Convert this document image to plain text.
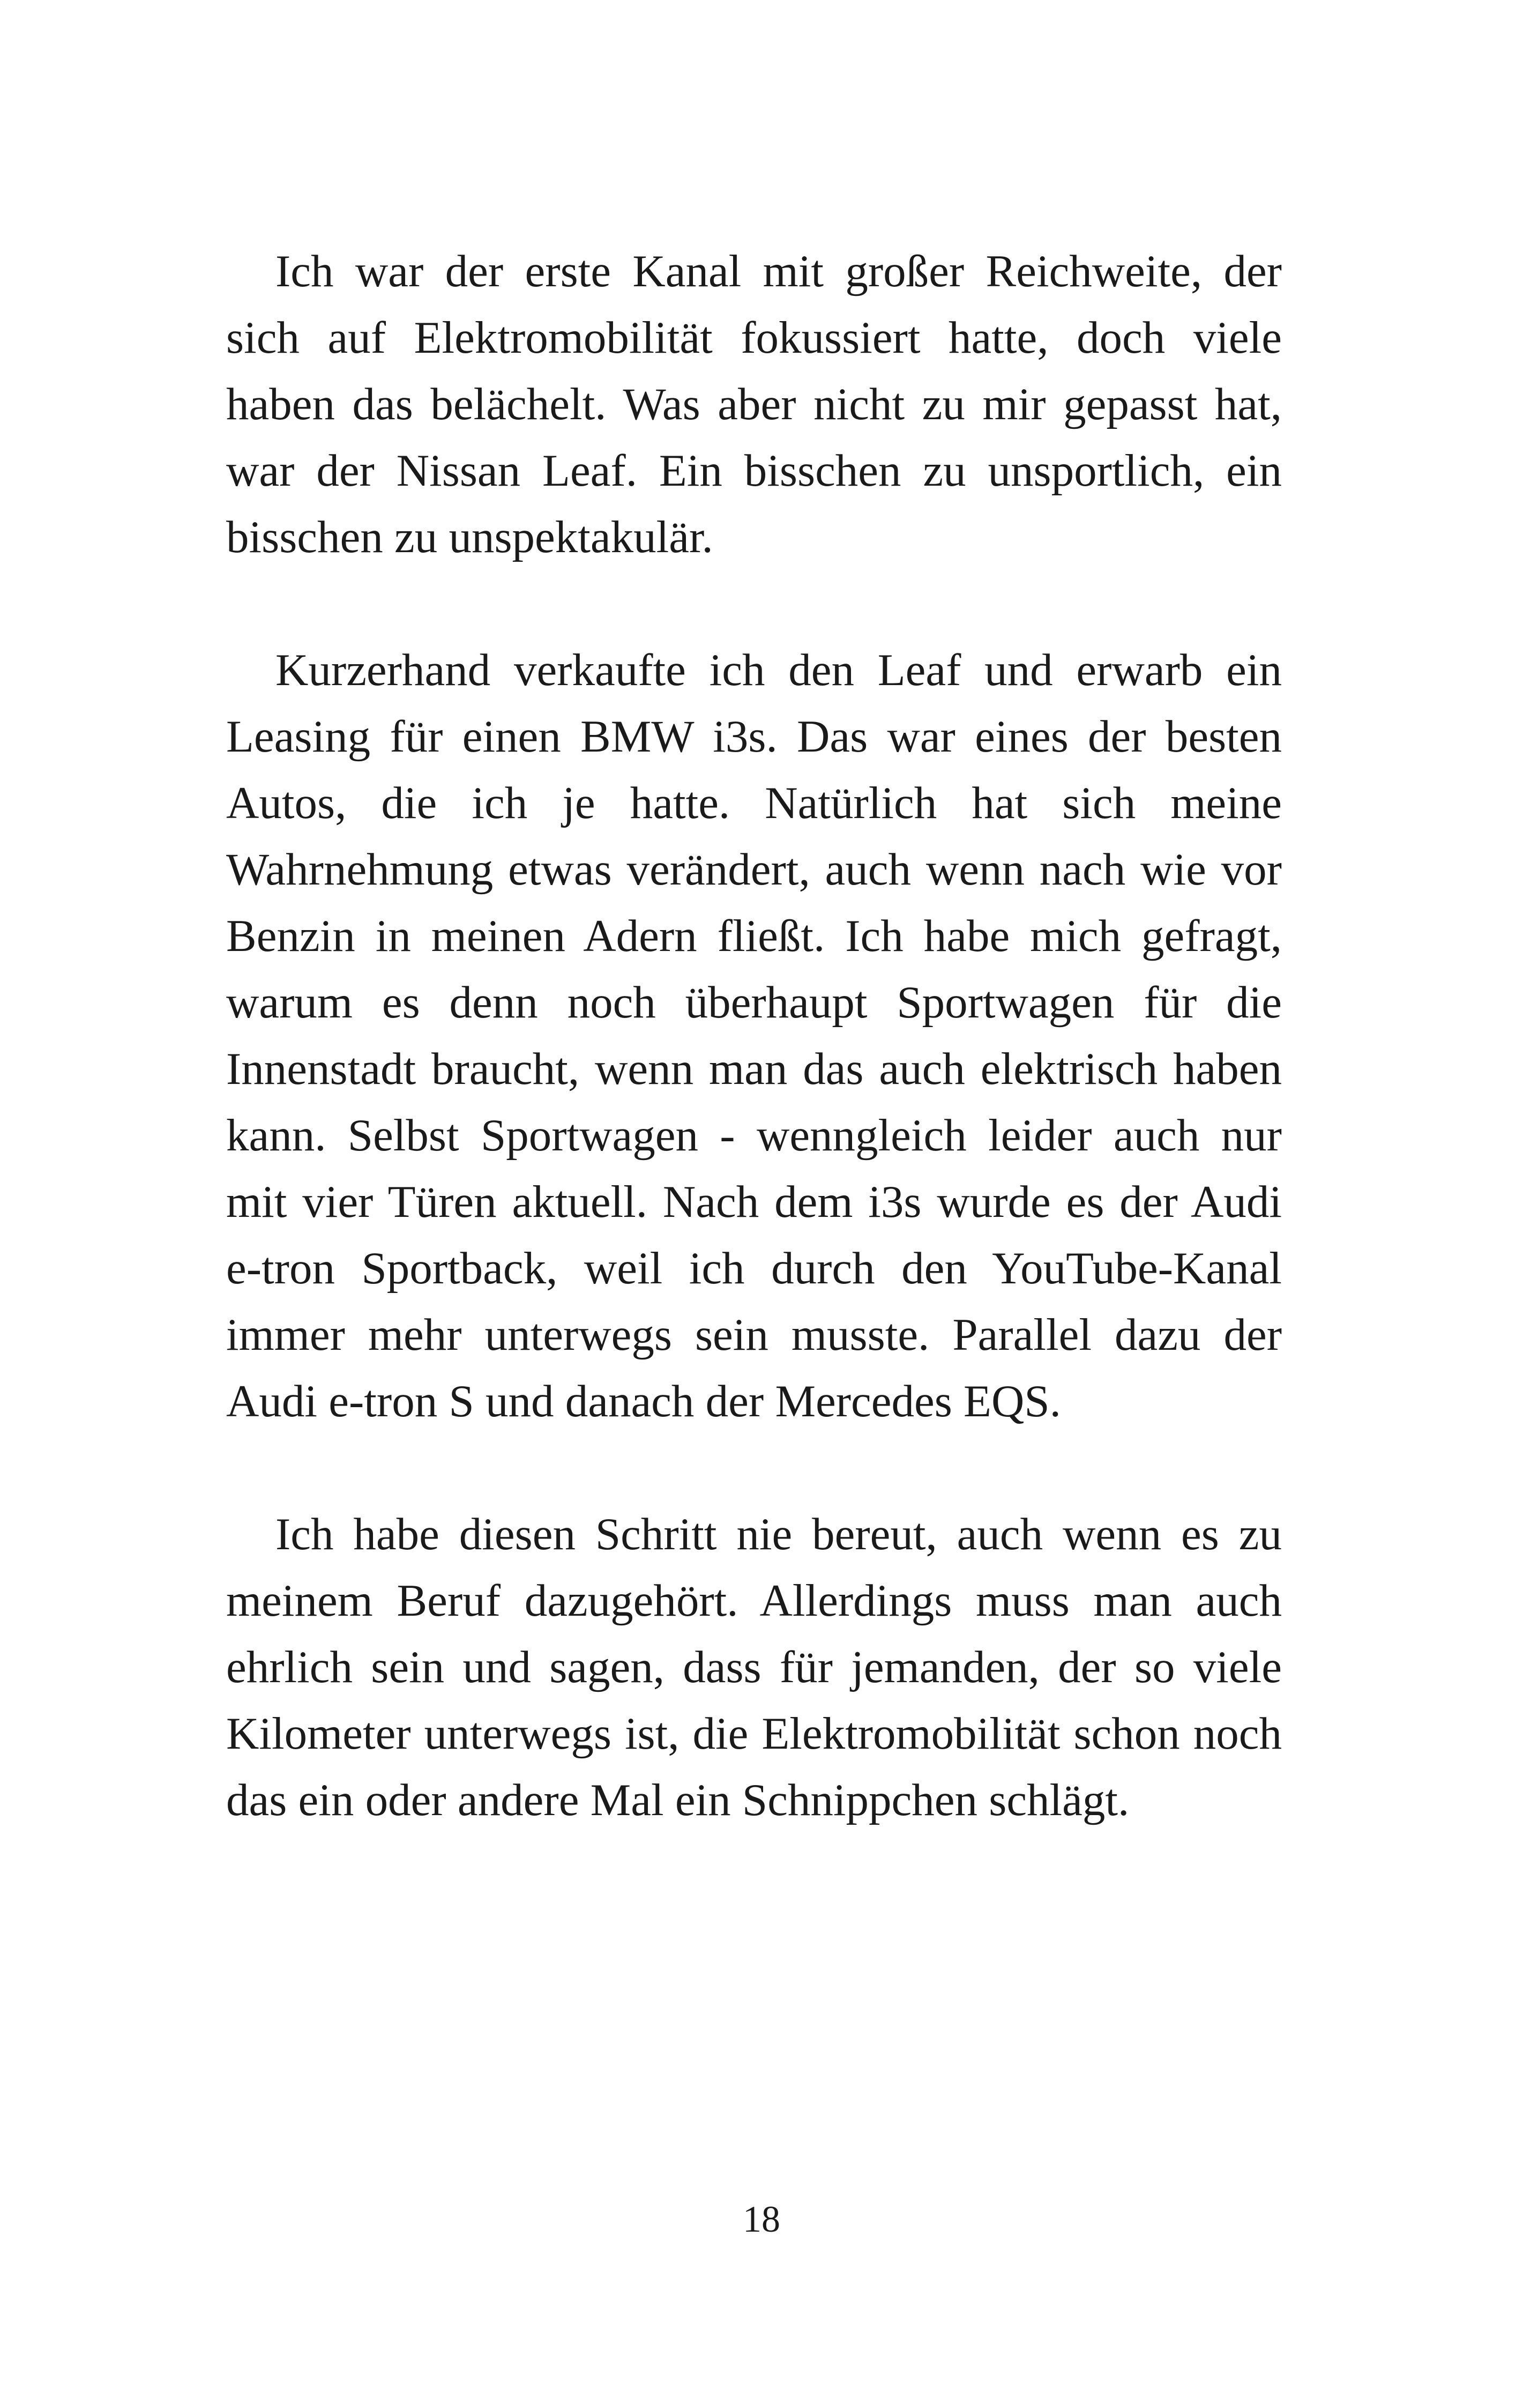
Ich war der erste Kanal mit großer Reichweite, der sich auf Elektromobilität fokussiert hatte, doch viele haben das belächelt. Was aber nicht zu mir gepasst hat, war der Nissan Leaf. Ein bisschen zu unsportlich, ein bisschen zu unspektakulär.

Kurzerhand verkaufte ich den Leaf und erwarb ein Leasing für einen BMW i3s. Das war eines der besten Autos, die ich je hatte. Natürlich hat sich meine Wahrnehmung etwas verändert, auch wenn nach wie vor Benzin in meinen Adern fließt. Ich habe mich gefragt, warum es denn noch überhaupt Sportwagen für die Innenstadt braucht, wenn man das auch elektrisch haben kann. Selbst Sportwagen - wenngleich leider auch nur mit vier Türen aktuell. Nach dem i3s wurde es der Audi e-tron Sportback, weil ich durch den YouTube-Kanal immer mehr unterwegs sein musste. Parallel dazu der Audi e-tron S und danach der Mercedes EQS.

Ich habe diesen Schritt nie bereut, auch wenn es zu meinem Beruf dazugehört. Allerdings muss man auch ehrlich sein und sagen, dass für jemanden, der so viele Kilometer unterwegs ist, die Elektromobilität schon noch das ein oder andere Mal ein Schnippchen schlägt.

18
